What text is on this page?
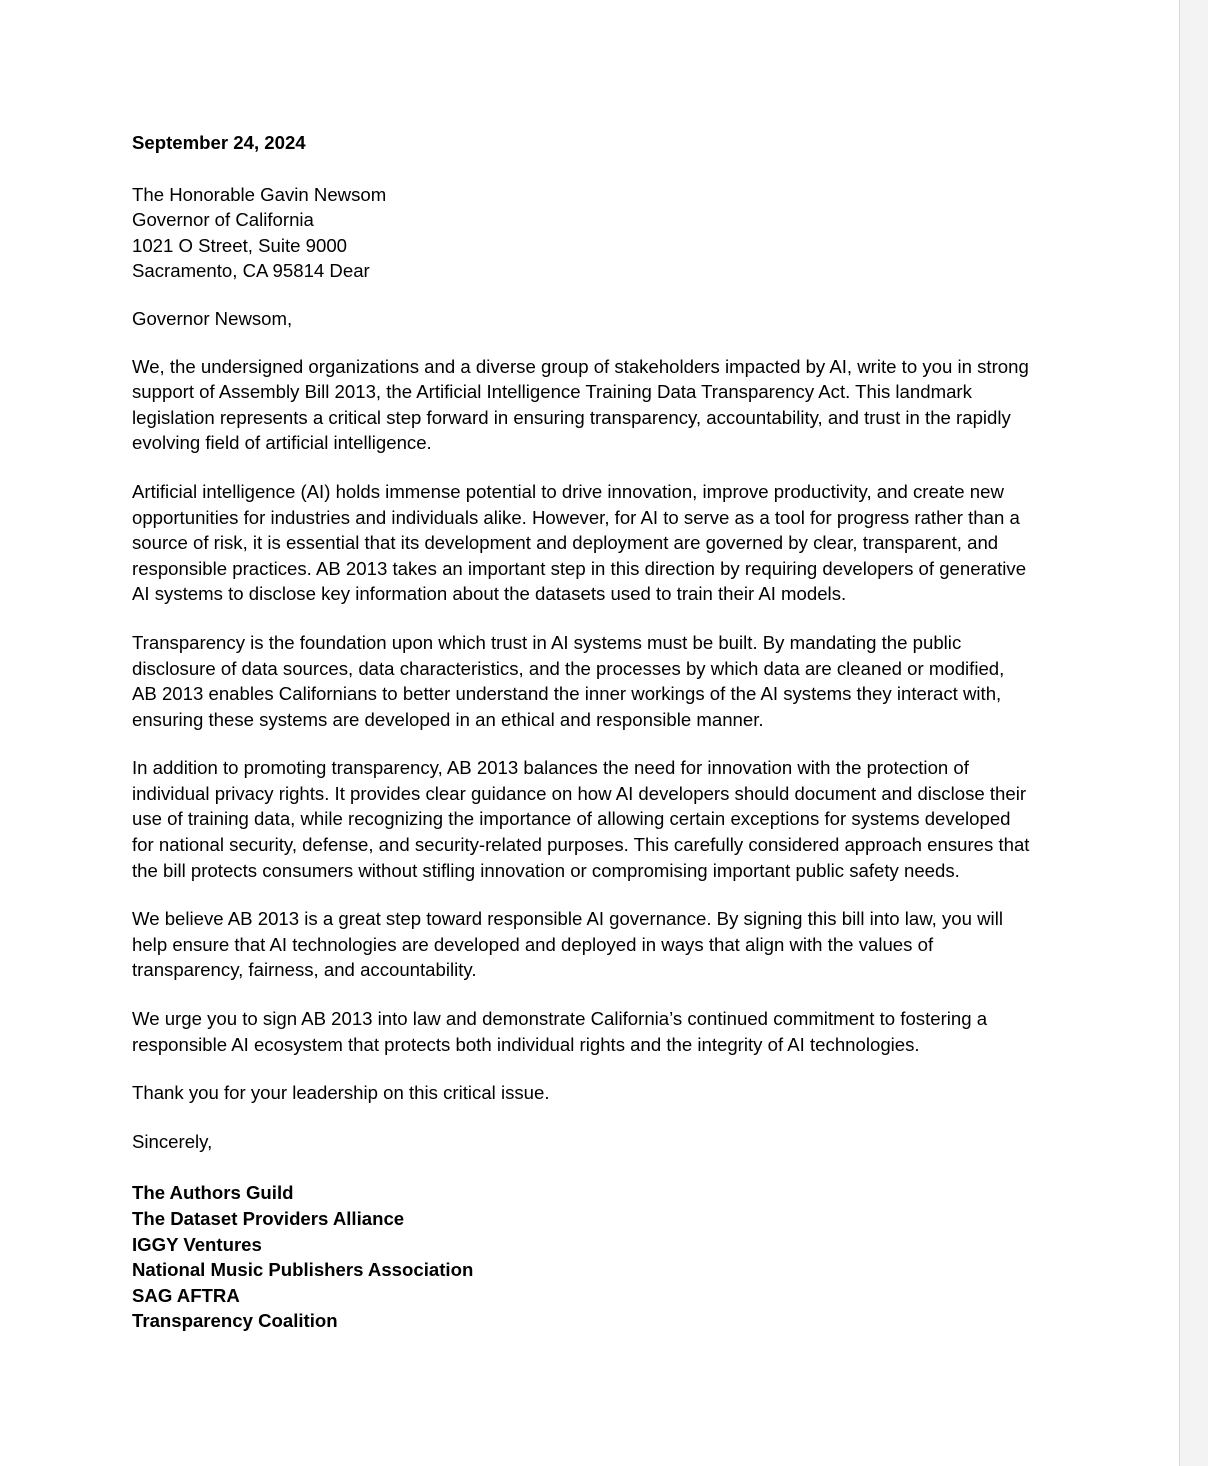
September 24, 2024

The Honorable Gavin Newsom
Governor of California
1021 O Street, Suite 9000
Sacramento, CA 95814 Dear

Governor Newsom,

We, the undersigned organizations and a diverse group of stakeholders impacted by AI, write to you in strong support of Assembly Bill 2013, the Artificial Intelligence Training Data Transparency Act. This landmark legislation represents a critical step forward in ensuring transparency, accountability, and trust in the rapidly evolving field of artificial intelligence.

Artificial intelligence (AI) holds immense potential to drive innovation, improve productivity, and create new opportunities for industries and individuals alike. However, for AI to serve as a tool for progress rather than a source of risk, it is essential that its development and deployment are governed by clear, transparent, and responsible practices. AB 2013 takes an important step in this direction by requiring developers of generative AI systems to disclose key information about the datasets used to train their AI models.

Transparency is the foundation upon which trust in AI systems must be built. By mandating the public disclosure of data sources, data characteristics, and the processes by which data are cleaned or modified, AB 2013 enables Californians to better understand the inner workings of the AI systems they interact with, ensuring these systems are developed in an ethical and responsible manner.

In addition to promoting transparency, AB 2013 balances the need for innovation with the protection of individual privacy rights. It provides clear guidance on how AI developers should document and disclose their use of training data, while recognizing the importance of allowing certain exceptions for systems developed for national security, defense, and security-related purposes. This carefully considered approach ensures that the bill protects consumers without stifling innovation or compromising important public safety needs.

We believe AB 2013 is a great step toward responsible AI governance. By signing this bill into law, you will help ensure that AI technologies are developed and deployed in ways that align with the values of transparency, fairness, and accountability.

We urge you to sign AB 2013 into law and demonstrate California’s continued commitment to fostering a responsible AI ecosystem that protects both individual rights and the integrity of AI technologies.

Thank you for your leadership on this critical issue.

Sincerely,

The Authors Guild
The Dataset Providers Alliance
IGGY Ventures
National Music Publishers Association
SAG AFTRA
Transparency Coalition
